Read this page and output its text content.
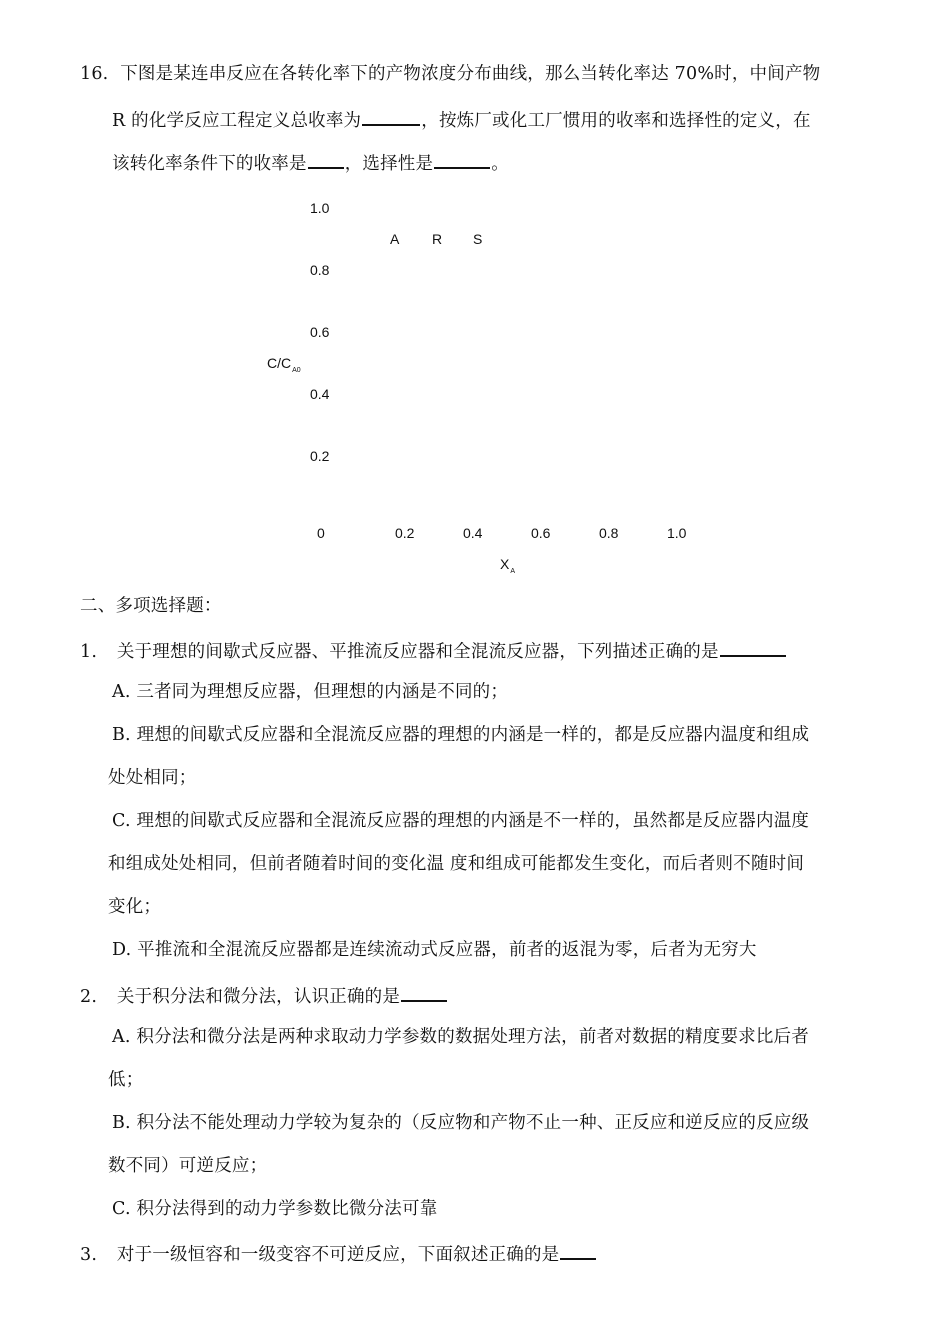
16. 下图是某连串反应在各转化率下的产物浓度分布曲线，那么当转化率达 70%时，中间产物
R 的化学反应工程定义总收率为	，按炼厂或化工厂惯用的收率和选择性的定义，在
该转化率条件下的收率是 ，选择性是	。
1.0
0.8
0.6
0.4
0.2
A R S
$C/C_{A0}$
0	0.2	0.4	0.6	0.8	1.0
$X_A$
二、多项选择题：
1. 关于理想的间歇式反应器、平推流反应器和全混流反应器，下列描述正确的是
A. 三者同为理想反应器，但理想的内涵是不同的；
B. 理想的间歇式反应器和全混流反应器的理想的内涵是一样的，都是反应器内温度和组成
处处相同；
C. 理想的间歇式反应器和全混流反应器的理想的内涵是不一样的，虽然都是反应器内温度
和组成处处相同，但前者随着时间的变化温 度和组成可能都发生变化，而后者则不随时间
变化；
D. 平推流和全混流反应器都是连续流动式反应器，前者的返混为零，后者为无穷大
2. 关于积分法和微分法，认识正确的是
A. 积分法和微分法是两种求取动力学参数的数据处理方法，前者对数据的精度要求比后者
低；
B. 积分法不能处理动力学较为复杂的（反应物和产物不止一种、正反应和逆反应的反应级
数不同）可逆反应；
C. 积分法得到的动力学参数比微分法可靠
3. 对于一级恒容和一级变容不可逆反应，下面叙述正确的是
